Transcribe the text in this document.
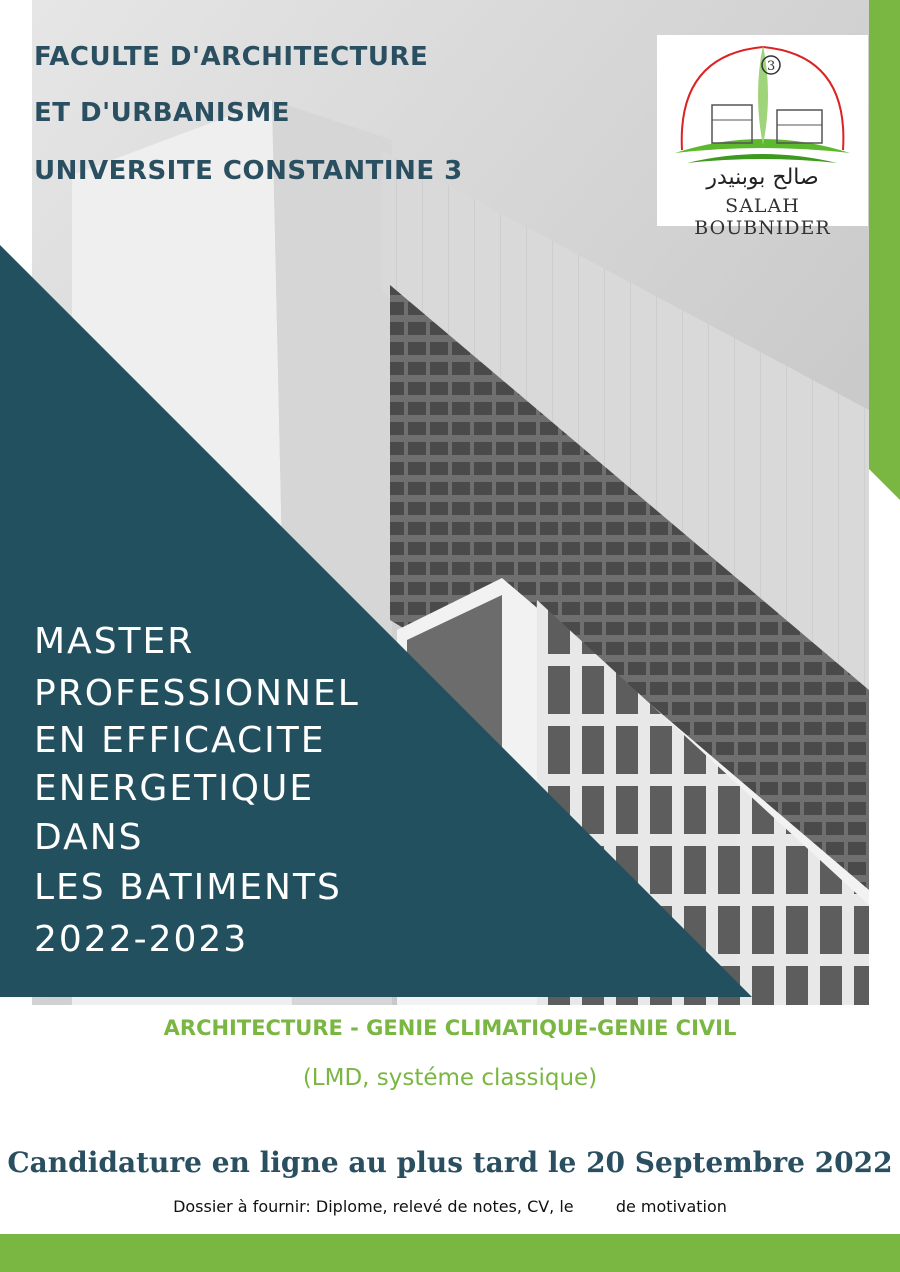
FACULTE D'ARCHITECTURE
ET D'URBANISME
UNIVERSITE CONSTANTINE 3
3
صالح بوبنيدر
SALAH BOUBNIDER
MASTER
PROFESSIONNEL
EN EFFICACITE
ENERGETIQUE
DANS
LES BATIMENTS
2022-2023
ARCHITECTURE - GENIE CLIMATIQUE-GENIE CIVIL
(LMD, systéme classique)
Candidature en ligne au plus tard le 20 Septembre 2022
Dossier à fournir: Diplome, relevé de notes, CV, le	de motivation
